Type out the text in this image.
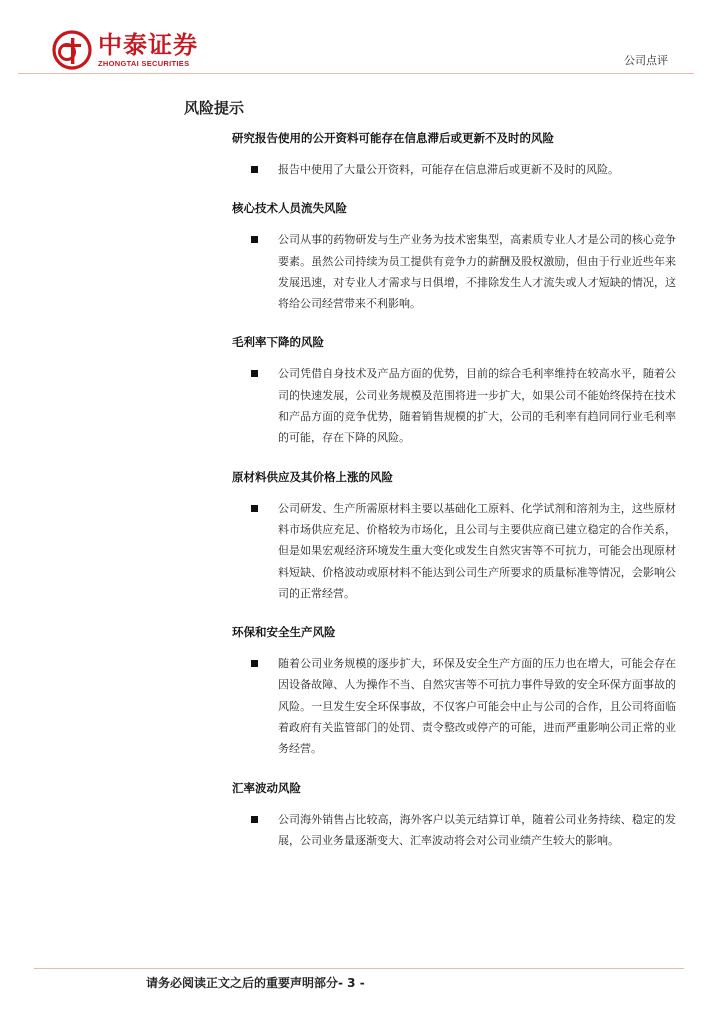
中泰证券
ZHONGTAI SECURITIES	公司点评
风险提示
研究报告使用的公开资料可能存在信息滞后或更新不及时的风险
报告中使用了大量公开资料，可能存在信息滞后或更新不及时的风险。
核心技术人员流失风险
公司从事的药物研发与生产业务为技术密集型，高素质专业人才是公司的核心竞争要素。虽然公司持续为员工提供有竞争力的薪酬及股权激励，但由于行业近些年来发展迅速，对专业人才需求与日俱增，不排除发生人才流失或人才短缺的情况，这将给公司经营带来不利影响。
毛利率下降的风险
公司凭借自身技术及产品方面的优势，目前的综合毛利率维持在较高水平，随着公司的快速发展，公司业务规模及范围将进一步扩大，如果公司不能始终保持在技术和产品方面的竞争优势，随着销售规模的扩大，公司的毛利率有趋同同行业毛利率的可能，存在下降的风险。
原材料供应及其价格上涨的风险
公司研发、生产所需原材料主要以基础化工原料、化学试剂和溶剂为主，这些原材料市场供应充足、价格较为市场化，且公司与主要供应商已建立稳定的合作关系，但是如果宏观经济环境发生重大变化或发生自然灾害等不可抗力，可能会出现原材料短缺、价格波动或原材料不能达到公司生产所要求的质量标准等情况，会影响公司的正常经营。
环保和安全生产风险
随着公司业务规模的逐步扩大，环保及安全生产方面的压力也在增大，可能会存在因设备故障、人为操作不当、自然灾害等不可抗力事件导致的安全环保方面事故的风险。一旦发生安全环保事故，不仅客户可能会中止与公司的合作，且公司将面临着政府有关监管部门的处罚、责令整改或停产的可能，进而严重影响公司正常的业务经营。
汇率波动风险
公司海外销售占比较高，海外客户以美元结算订单，随着公司业务持续、稳定的发展，公司业务量逐渐变大、汇率波动将会对公司业绩产生较大的影响。
请务必阅读正文之后的重要声明部分- 3 -
